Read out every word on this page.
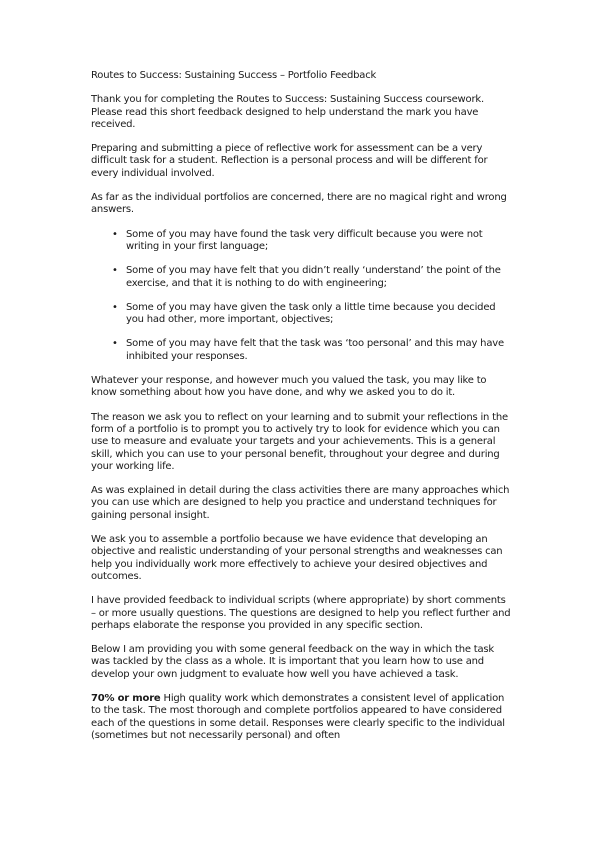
Routes to Success: Sustaining Success – Portfolio Feedback

Thank you for completing the Routes to Success: Sustaining Success coursework. Please read this short feedback designed to help understand the mark you have received.

Preparing and submitting a piece of reflective work for assessment can be a very difficult task for a student. Reflection is a personal process and will be different for every individual involved.

As far as the individual portfolios are concerned, there are no magical right and wrong answers.

• Some of you may have found the task very difficult because you were not writing in your first language;
• Some of you may have felt that you didn’t really ‘understand’ the point of the exercise, and that it is nothing to do with engineering;
• Some of you may have given the task only a little time because you decided you had other, more important, objectives;
• Some of you may have felt that the task was ‘too personal’ and this may have inhibited your responses.

Whatever your response, and however much you valued the task, you may like to know something about how you have done, and why we asked you to do it.

The reason we ask you to reflect on your learning and to submit your reflections in the form of a portfolio is to prompt you to actively try to look for evidence which you can use to measure and evaluate your targets and your achievements. This is a general skill, which you can use to your personal benefit, throughout your degree and during your working life.

As was explained in detail during the class activities there are many approaches which you can use which are designed to help you practice and understand techniques for gaining personal insight.

We ask you to assemble a portfolio because we have evidence that developing an objective and realistic understanding of your personal strengths and weaknesses can help you individually work more effectively to achieve your desired objectives and outcomes.

I have provided feedback to individual scripts (where appropriate) by short comments – or more usually questions. The questions are designed to help you reflect further and perhaps elaborate the response you provided in any specific section.

Below I am providing you with some general feedback on the way in which the task was tackled by the class as a whole. It is important that you learn how to use and develop your own judgment to evaluate how well you have achieved a task.

70% or more High quality work which demonstrates a consistent level of application to the task. The most thorough and complete portfolios appeared to have considered each of the questions in some detail. Responses were clearly specific to the individual (sometimes but not necessarily personal) and often
